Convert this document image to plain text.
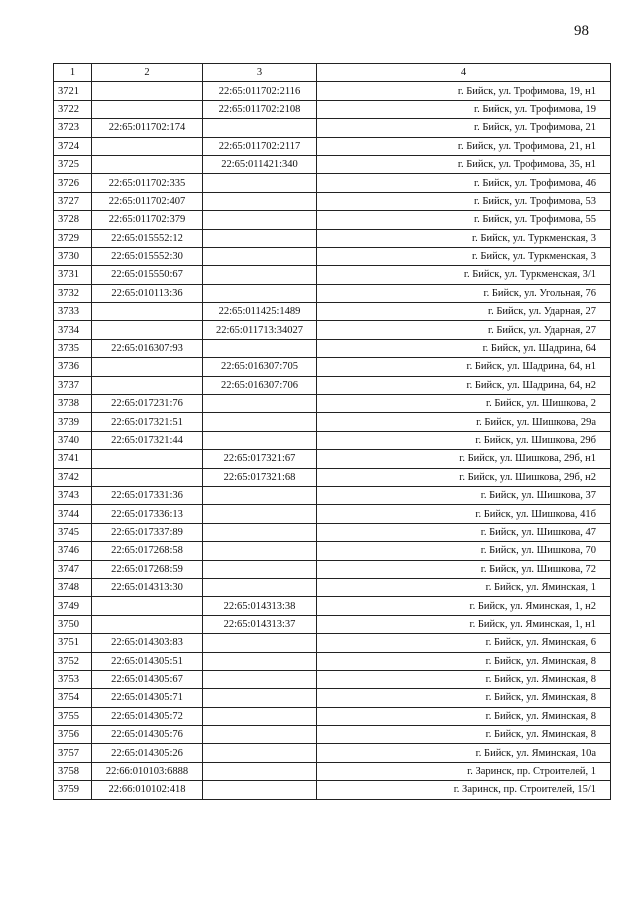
98
1	2	3	4
3721		22:65:011702:2116	г. Бийск, ул. Трофимова, 19, н1
3722		22:65:011702:2108	г. Бийск, ул. Трофимова, 19
3723	22:65:011702:174		г. Бийск, ул. Трофимова, 21
3724		22:65:011702:2117	г. Бийск, ул. Трофимова, 21, н1
3725		22:65:011421:340	г. Бийск, ул. Трофимова, 35, н1
3726	22:65:011702:335		г. Бийск, ул. Трофимова, 46
3727	22:65:011702:407		г. Бийск, ул. Трофимова, 53
3728	22:65:011702:379		г. Бийск, ул. Трофимова, 55
3729	22:65:015552:12		г. Бийск, ул. Туркменская, 3
3730	22:65:015552:30		г. Бийск, ул. Туркменская, 3
3731	22:65:015550:67		г. Бийск, ул. Туркменская, 3/1
3732	22:65:010113:36		г. Бийск, ул. Угольная, 76
3733		22:65:011425:1489	г. Бийск, ул. Ударная, 27
3734		22:65:011713:34027	г. Бийск, ул. Ударная, 27
3735	22:65:016307:93		г. Бийск, ул. Шадрина, 64
3736		22:65:016307:705	г. Бийск, ул. Шадрина, 64, н1
3737		22:65:016307:706	г. Бийск, ул. Шадрина, 64, н2
3738	22:65:017231:76		г. Бийск, ул. Шишкова, 2
3739	22:65:017321:51		г. Бийск, ул. Шишкова, 29а
3740	22:65:017321:44		г. Бийск, ул. Шишкова, 29б
3741		22:65:017321:67	г. Бийск, ул. Шишкова, 29б, н1
3742		22:65:017321:68	г. Бийск, ул. Шишкова, 29б, н2
3743	22:65:017331:36		г. Бийск, ул. Шишкова, 37
3744	22:65:017336:13		г. Бийск, ул. Шишкова, 41б
3745	22:65:017337:89		г. Бийск, ул. Шишкова, 47
3746	22:65:017268:58		г. Бийск, ул. Шишкова, 70
3747	22:65:017268:59		г. Бийск, ул. Шишкова, 72
3748	22:65:014313:30		г. Бийск, ул. Яминская, 1
3749		22:65:014313:38	г. Бийск, ул. Яминская, 1, н2
3750		22:65:014313:37	г. Бийск, ул. Яминская, 1, н1
3751	22:65:014303:83		г. Бийск, ул. Яминская, 6
3752	22:65:014305:51		г. Бийск, ул. Яминская, 8
3753	22:65:014305:67		г. Бийск, ул. Яминская, 8
3754	22:65:014305:71		г. Бийск, ул. Яминская, 8
3755	22:65:014305:72		г. Бийск, ул. Яминская, 8
3756	22:65:014305:76		г. Бийск, ул. Яминская, 8
3757	22:65:014305:26		г. Бийск, ул. Яминская, 10а
3758	22:66:010103:6888		г. Заринск, пр. Строителей, 1
3759	22:66:010102:418		г. Заринск, пр. Строителей, 15/1
